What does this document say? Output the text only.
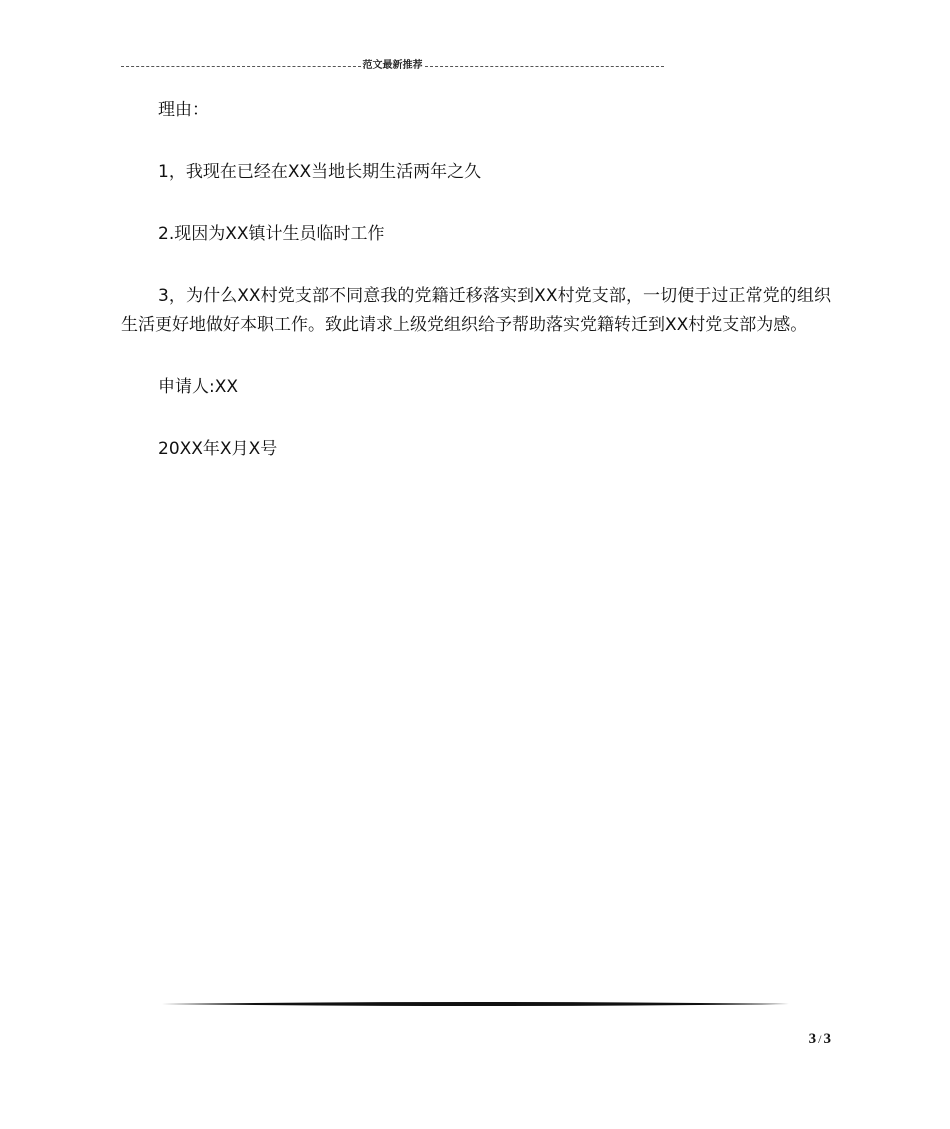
范文最新推荐

理由：

1，我现在已经在XX当地长期生活两年之久

2.现因为XX镇计生员临时工作

3，为什么XX村党支部不同意我的党籍迁移落实到XX村党支部，一切便于过正常党的组织生活更好地做好本职工作。致此请求上级党组织给予帮助落实党籍转迁到XX村党支部为感。

申请人:XX

20XX年X月X号

3 / 3
